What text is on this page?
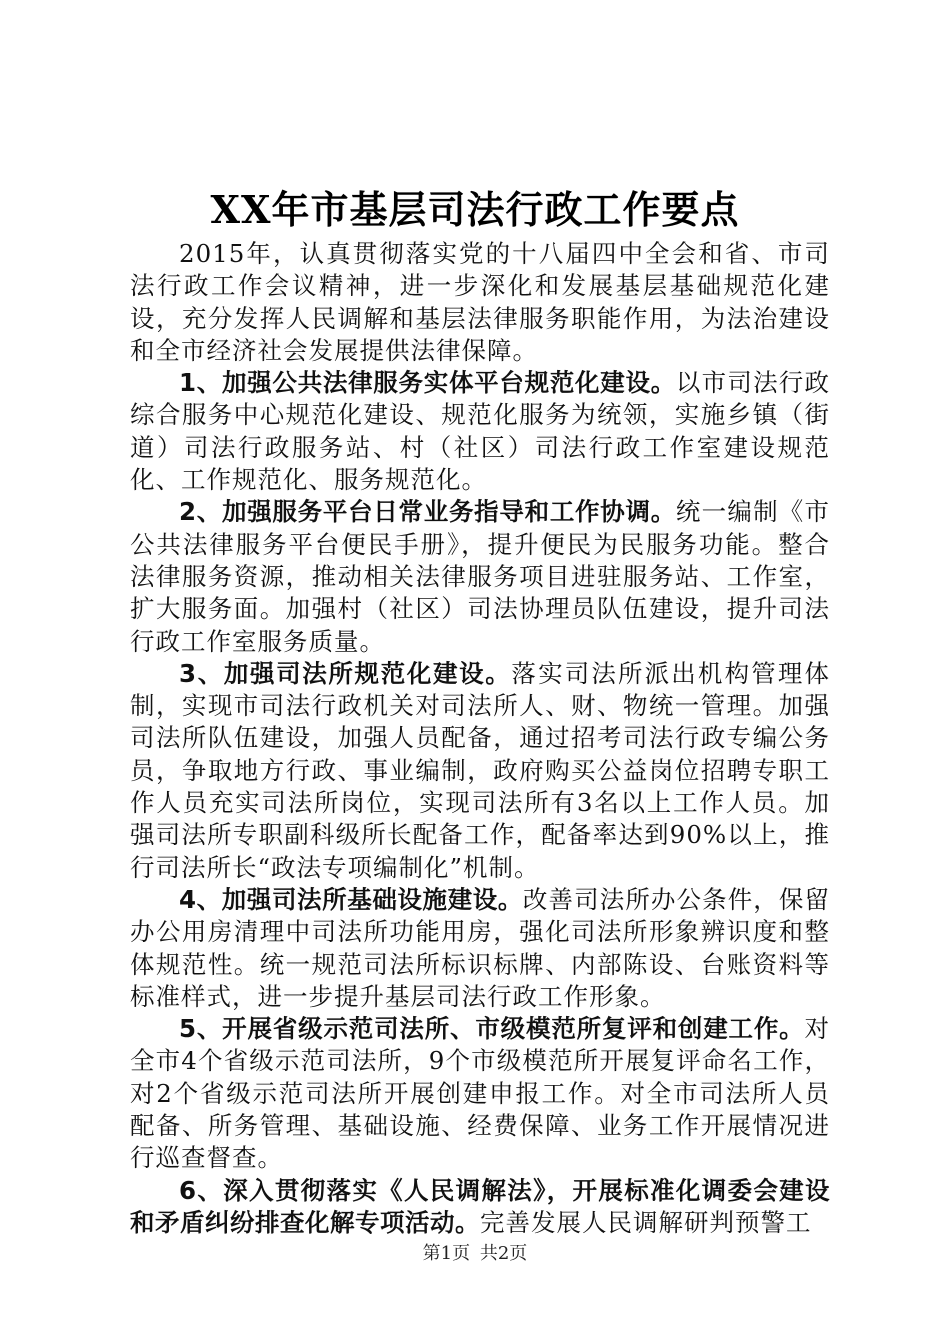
XX年市基层司法行政工作要点

2015年，认真贯彻落实党的十八届四中全会和省、市司法行政工作会议精神，进一步深化和发展基层基础规范化建设，充分发挥人民调解和基层法律服务职能作用，为法治建设和全市经济社会发展提供法律保障。

1、加强公共法律服务实体平台规范化建设。以市司法行政综合服务中心规范化建设、规范化服务为统领，实施乡镇（街道）司法行政服务站、村（社区）司法行政工作室建设规范化、工作规范化、服务规范化。

2、加强服务平台日常业务指导和工作协调。统一编制《市公共法律服务平台便民手册》，提升便民为民服务功能。整合法律服务资源，推动相关法律服务项目进驻服务站、工作室，扩大服务面。加强村（社区）司法协理员队伍建设，提升司法行政工作室服务质量。

3、加强司法所规范化建设。落实司法所派出机构管理体制，实现市司法行政机关对司法所人、财、物统一管理。加强司法所队伍建设，加强人员配备，通过招考司法行政专编公务员，争取地方行政、事业编制，政府购买公益岗位招聘专职工作人员充实司法所岗位，实现司法所有3名以上工作人员。加强司法所专职副科级所长配备工作，配备率达到90%以上，推行司法所长“政法专项编制化”机制。

4、加强司法所基础设施建设。改善司法所办公条件，保留办公用房清理中司法所功能用房，强化司法所形象辨识度和整体规范性。统一规范司法所标识标牌、内部陈设、台账资料等标准样式，进一步提升基层司法行政工作形象。

5、开展省级示范司法所、市级模范所复评和创建工作。对全市4个省级示范司法所，9个市级模范所开展复评命名工作，对2个省级示范司法所开展创建申报工作。对全市司法所人员配备、所务管理、基础设施、经费保障、业务工作开展情况进行巡查督查。

6、深入贯彻落实《人民调解法》，开展标准化调委会建设和矛盾纠纷排查化解专项活动。完善发展人民调解研判预警工

第1页 共2页
